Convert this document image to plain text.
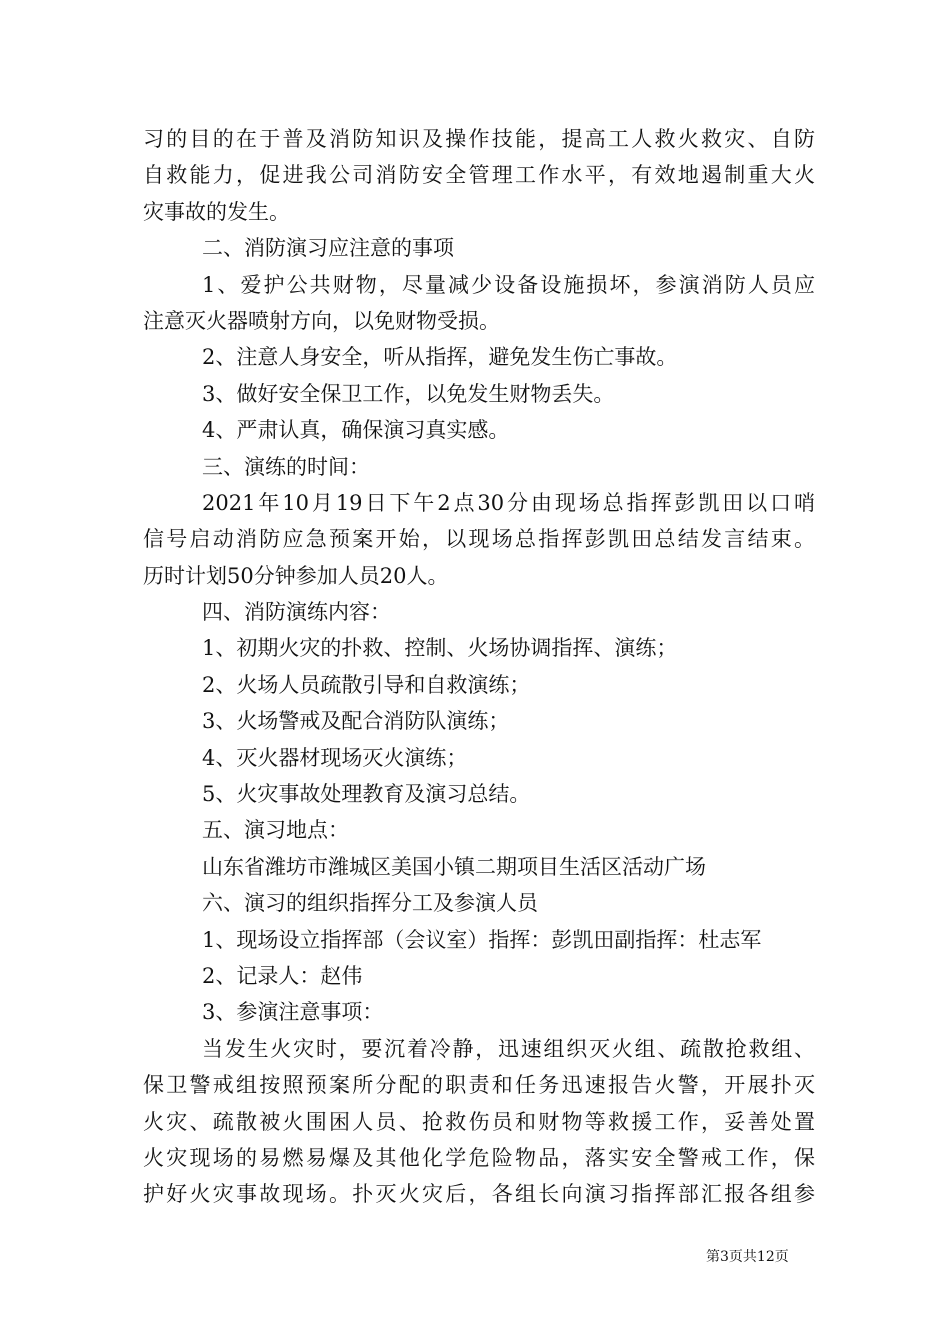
习的目的在于普及消防知识及操作技能，提高工人救火救灾、自防
自救能力，促进我公司消防安全管理工作水平，有效地遏制重大火
灾事故的发生。
二、消防演习应注意的事项
1、爱护公共财物，尽量减少设备设施损坏，参演消防人员应
注意灭火器喷射方向，以免财物受损。
2、注意人身安全，听从指挥，避免发生伤亡事故。
3、做好安全保卫工作，以免发生财物丢失。
4、严肃认真，确保演习真实感。
三、演练的时间：
2021年10月19日下午2点30分由现场总指挥彭凯田以口哨
信号启动消防应急预案开始，以现场总指挥彭凯田总结发言结束。
历时计划50分钟参加人员20人。
四、消防演练内容：
1、初期火灾的扑救、控制、火场协调指挥、演练；
2、火场人员疏散引导和自救演练；
3、火场警戒及配合消防队演练；
4、灭火器材现场灭火演练；
5、火灾事故处理教育及演习总结。
五、演习地点：
山东省潍坊市潍城区美国小镇二期项目生活区活动广场
六、演习的组织指挥分工及参演人员
1、现场设立指挥部（会议室）指挥：彭凯田副指挥：杜志军
2、记录人：赵伟
3、参演注意事项：
当发生火灾时，要沉着冷静，迅速组织灭火组、疏散抢救组、
保卫警戒组按照预案所分配的职责和任务迅速报告火警，开展扑灭
火灾、疏散被火围困人员、抢救伤员和财物等救援工作，妥善处置
火灾现场的易燃易爆及其他化学危险物品，落实安全警戒工作，保
护好火灾事故现场。扑灭火灾后，各组长向演习指挥部汇报各组参
第3页共12页
